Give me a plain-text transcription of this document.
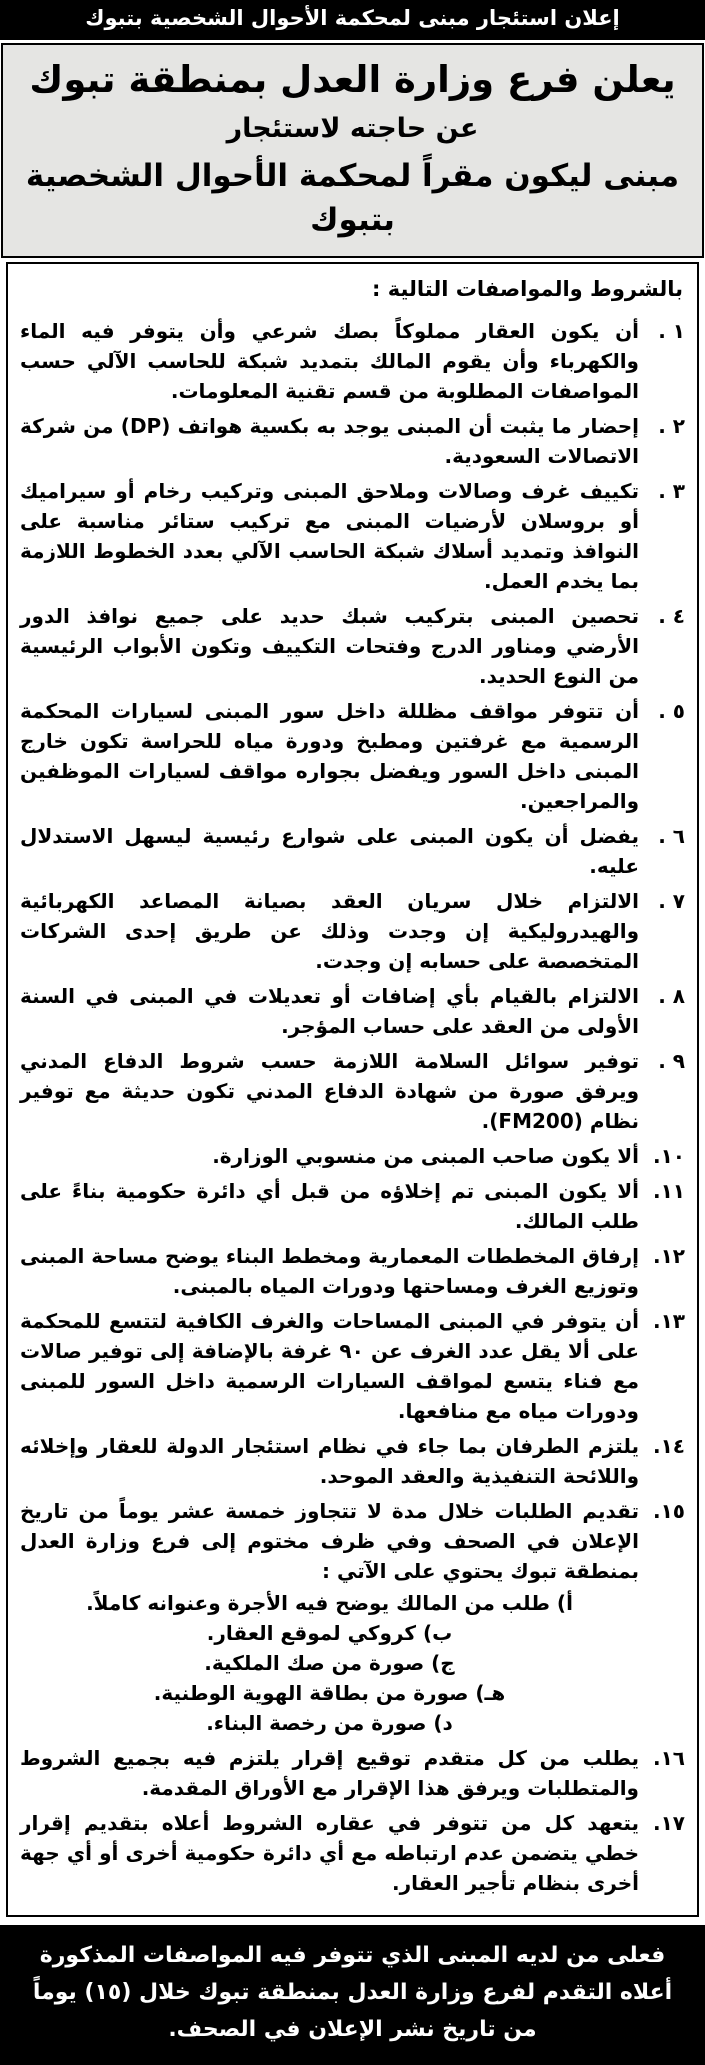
إعلان استئجار مبنى لمحكمة الأحوال الشخصية بتبوك
يعلن فرع وزارة العدل بمنطقة تبوك
عن حاجته لاستئجار
مبنى ليكون مقراً لمحكمة الأحوال الشخصية بتبوك
بالشروط والمواصفات التالية :
١ .
أن يكون العقار مملوكاً بصك شرعي وأن يتوفر فيه الماء والكهرباء وأن يقوم المالك بتمديد شبكة للحاسب الآلي حسب المواصفات المطلوبة من قسم تقنية المعلومات.
٢ .
إحضار ما يثبت أن المبنى يوجد به بكسية هواتف (DP) من شركة الاتصالات السعودية.
٣ .
تكييف غرف وصالات وملاحق المبنى وتركيب رخام أو سيراميك أو بروسلان لأرضيات المبنى مع تركيب ستائر مناسبة على النوافذ وتمديد أسلاك شبكة الحاسب الآلي بعدد الخطوط اللازمة بما يخدم العمل.
٤ .
تحصين المبنى بتركيب شبك حديد على جميع نوافذ الدور الأرضي ومناور الدرج وفتحات التكييف وتكون الأبواب الرئيسية من النوع الحديد.
٥ .
أن تتوفر مواقف مظللة داخل سور المبنى لسيارات المحكمة الرسمية مع غرفتين ومطبخ ودورة مياه للحراسة تكون خارج المبنى داخل السور ويفضل بجواره مواقف لسيارات الموظفين والمراجعين.
٦ .
يفضل أن يكون المبنى على شوارع رئيسية ليسهل الاستدلال عليه.
٧ .
الالتزام خلال سريان العقد بصيانة المصاعد الكهربائية والهيدروليكية إن وجدت وذلك عن طريق إحدى الشركات المتخصصة على حسابه إن وجدت.
٨ .
الالتزام بالقيام بأي إضافات أو تعديلات في المبنى في السنة الأولى من العقد على حساب المؤجر.
٩ .
توفير سوائل السلامة اللازمة حسب شروط الدفاع المدني ويرفق صورة من شهادة الدفاع المدني تكون حديثة مع توفير نظام (FM200).
١٠.
ألا يكون صاحب المبنى من منسوبي الوزارة.
١١.
ألا يكون المبنى تم إخلاؤه من قبل أي دائرة حكومية بناءً على طلب المالك.
١٢.
إرفاق المخططات المعمارية ومخطط البناء يوضح مساحة المبنى وتوزيع الغرف ومساحتها ودورات المياه بالمبنى.
١٣.
أن يتوفر في المبنى المساحات والغرف الكافية لتتسع للمحكمة على ألا يقل عدد الغرف عن ٩٠ غرفة بالإضافة إلى توفير صالات مع فناء يتسع لمواقف السيارات الرسمية داخل السور للمبنى ودورات مياه مع منافعها.
١٤.
يلتزم الطرفان بما جاء في نظام استئجار الدولة للعقار وإخلائه واللائحة التنفيذية والعقد الموحد.
١٥.
تقديم الطلبات خلال مدة لا تتجاوز خمسة عشر يوماً من تاريخ الإعلان في الصحف وفي ظرف مختوم إلى فرع وزارة العدل بمنطقة تبوك يحتوي على الآتي :
أ) طلب من المالك يوضح فيه الأجرة وعنوانه كاملاً.
ب) كروكي لموقع العقار.
ج) صورة من صك الملكية.
هـ) صورة من بطاقة الهوية الوطنية.
د) صورة من رخصة البناء.
١٦.
يطلب من كل متقدم توقيع إقرار يلتزم فيه بجميع الشروط والمتطلبات ويرفق هذا الإقرار مع الأوراق المقدمة.
١٧.
يتعهد كل من تتوفر في عقاره الشروط أعلاه بتقديم إقرار خطي يتضمن عدم ارتباطه مع أي دائرة حكومية أخرى أو أي جهة أخرى بنظام تأجير العقار.
فعلى من لديه المبنى الذي تتوفر فيه المواصفات المذكورة أعلاه التقدم لفرع وزارة العدل بمنطقة تبوك خلال (١٥) يوماً من تاريخ نشر الإعلان في الصحف.
